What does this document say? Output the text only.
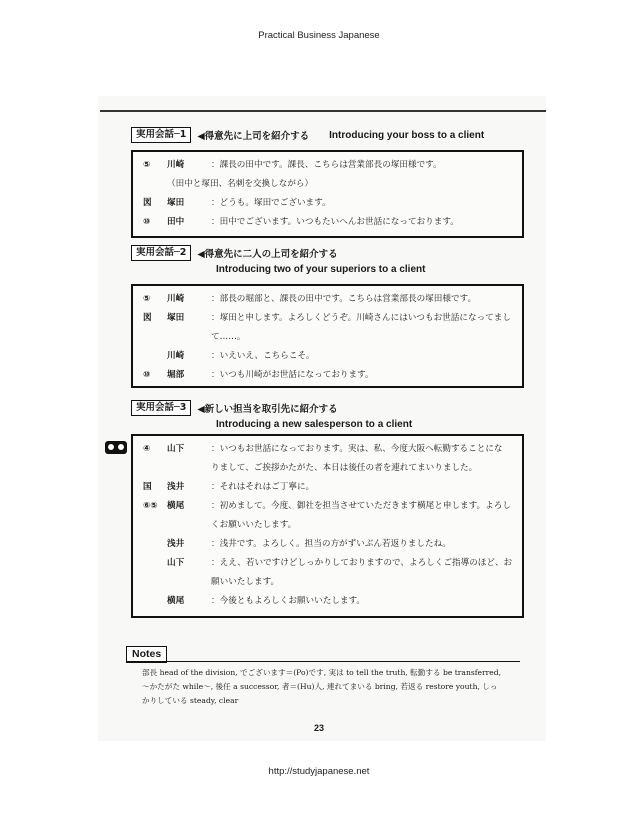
Practical Business Japanese
実用会話─1	◀得意先に上司を紹介する Introducing your boss to a client
⑤ 川崎	：課長の田中です。課長、こちらは営業部長の塚田様です。
（田中と塚田、名刺を交換しながら）
図 塚田	：どうも。塚田でございます。
⑩ 田中	：田中でございます。いつもたいへんお世話になっております。
実用会話─2	◀得意先に二人の上司を紹介する
Introducing two of your superiors to a client
⑤ 川崎	：部長の堀部と、課長の田中です。こちらは営業部長の塚田様です。
図 塚田	：塚田と申します。よろしくどうぞ。川崎さんにはいつもお世話になってまし
て……。
川崎	：いえいえ、こちらこそ。
⑩ 堀部	：いつも川崎がお世話になっております。
実用会話─3	◀新しい担当を取引先に紹介する
Introducing a new salesperson to a client
④ 山下	：いつもお世話になっております。実は、私、今度大阪へ転勤することにな
りまして、ご挨拶かたがた、本日は後任の者を連れてまいりました。
国 浅井	：それはそれはご丁寧に。
⑥⑤ 横尾	：初めまして。今度、御社を担当させていただきます横尾と申します。よろし
くお願いいたします。
浅井	：浅井です。よろしく。担当の方がずいぶん若返りましたね。
山下	：ええ、若いですけどしっかりしておりますので、よろしくご指導のほど、お
願いいたします。
横尾	：今後ともよろしくお願いいたします。
Notes
部長 head of the division, でございます＝(Po)です, 実は to tell the truth, 転勤する be transferred,
～かたがた while～, 後任 a successor, 者＝(Hu)人, 連れてまいる bring, 若返る restore youth, しっ
かりしている steady, clear
23
http://studyjapanese.net
